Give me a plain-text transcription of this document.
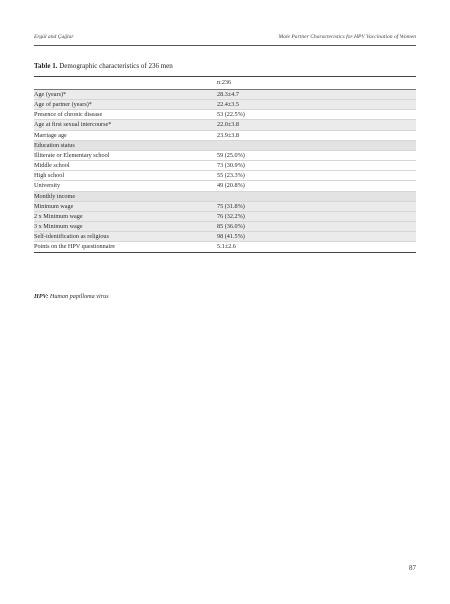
Ergül and Çağlar	Male Partner Characteristics for HPV Vaccination of Women
Table 1. Demographic characteristics of 236 men
	n:236
Age (years)*	28.3±4.7
Age of partner (years)*	22.4±3.5
Presence of chronic disease	53 (22.5%)
Age at first sexual intercourse*	22.0±3.8
Marriage age	23.9±3.8
Education status	
Illiterate or Elementary school	59 (25.0%)
Middle school	73 (30.9%)
High school	55 (23.3%)
University	49 (20.8%)
Monthly income	
Minimum wage	75 (31.8%)
2 x Minimum wage	76 (32.2%)
3 x Minimum wage	85 (36.0%)
Self-identification as religious	98 (41.5%)
Points on the HPV questionnaire	5.1±2.6
HPV: Human papilloma virus
87
